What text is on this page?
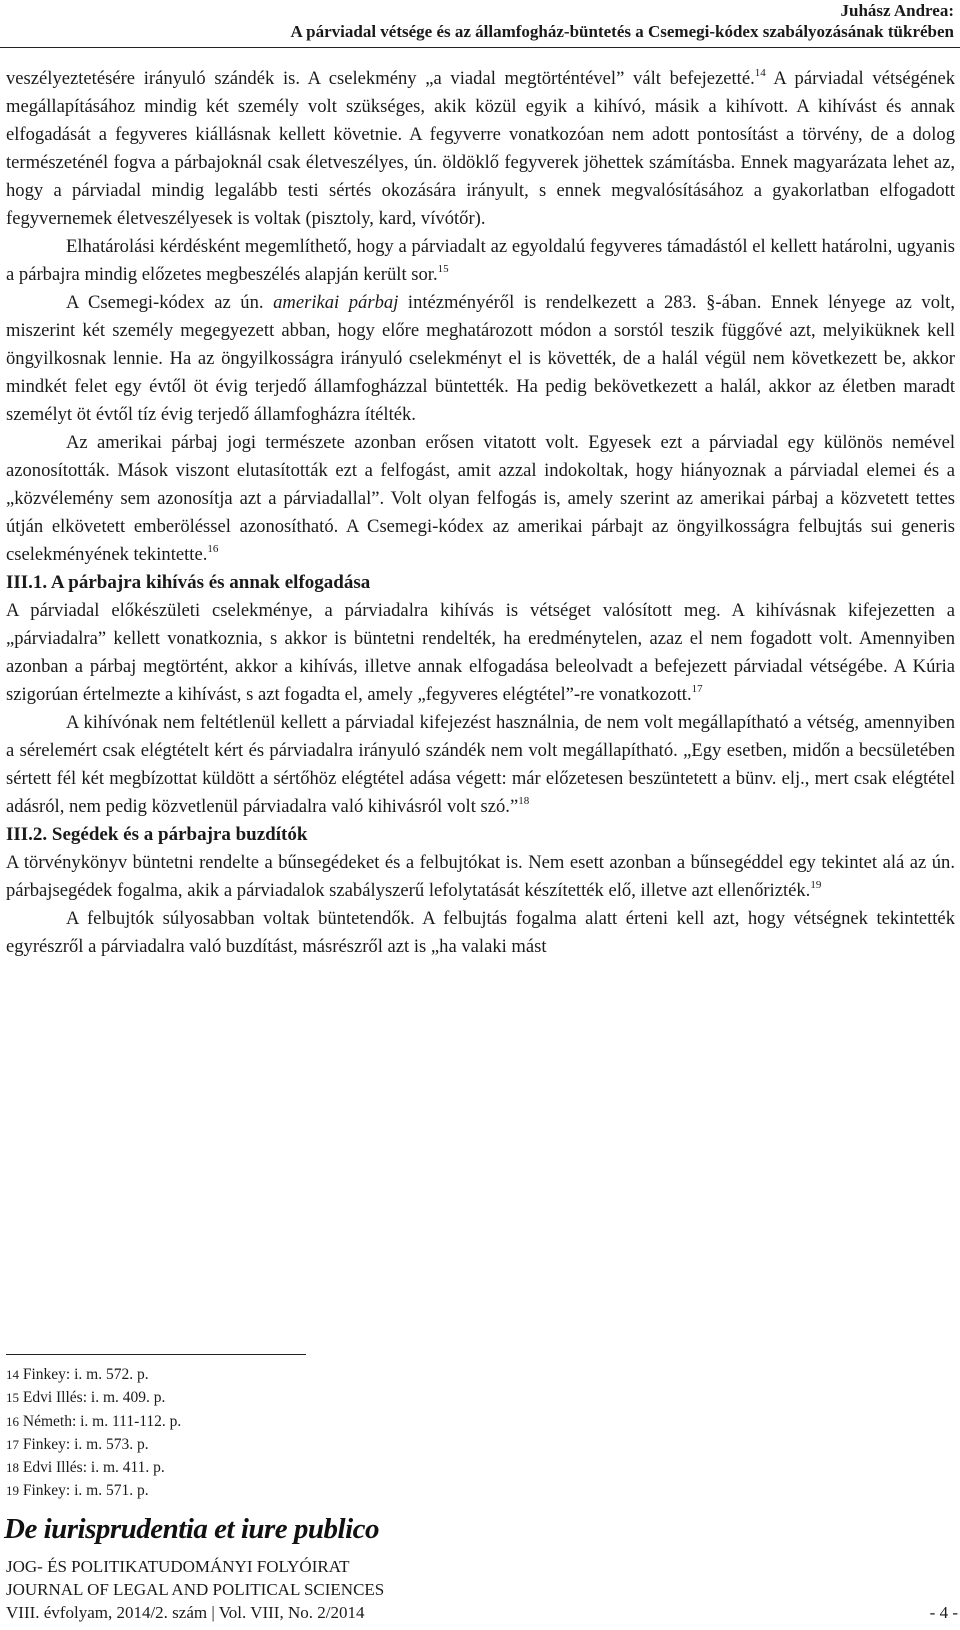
Juhász Andrea:
A párviadal vétsége és az államfogház-büntetés a Csemegi-kódex szabályozásának tükrében

veszélyeztetésére irányuló szándék is. A cselekmény „a viadal megtörténtével” vált befejezetté.$^{14}$ A párviadal vétségének megállapításához mindig két személy volt szükséges, akik közül egyik a kihívó, másik a kihívott. A kihívást és annak elfogadását a fegyveres kiállásnak kellett követnie. A fegyverre vonatkozóan nem adott pontosítást a törvény, de a dolog természeténél fogva a párbajoknál csak életveszélyes, ún. öldöklő fegyverek jöhettek számításba. Ennek magyarázata lehet az, hogy a párviadal mindig legalább testi sértés okozására irányult, s ennek megvalósításához a gyakorlatban elfogadott fegyvernemek életveszélyesek is voltak (pisztoly, kard, vívótőr).

Elhatárolási kérdésként megemlíthető, hogy a párviadalt az egyoldalú fegyveres támadástól el kellett határolni, ugyanis a párbajra mindig előzetes megbeszélés alapján került sor.$^{15}$

A Csemegi-kódex az ún. amerikai párbaj intézményéről is rendelkezett a 283. §-ában. Ennek lényege az volt, miszerint két személy megegyezett abban, hogy előre meghatározott módon a sorstól teszik függővé azt, melyiküknek kell öngyilkosnak lennie. Ha az öngyilkosságra irányuló cselekményt el is követték, de a halál végül nem következett be, akkor mindkét felet egy évtől öt évig terjedő államfogházzal büntették. Ha pedig bekövetkezett a halál, akkor az életben maradt személyt öt évtől tíz évig terjedő államfogházra ítélték.

Az amerikai párbaj jogi természete azonban erősen vitatott volt. Egyesek ezt a párviadal egy különös nemével azonosították. Mások viszont elutasították ezt a felfogást, amit azzal indokoltak, hogy hiányoznak a párviadal elemei és a „közvélemény sem azonosítja azt a párviadallal”. Volt olyan felfogás is, amely szerint az amerikai párbaj a közvetett tettes útján elkövetett emberöléssel azonosítható. A Csemegi-kódex az amerikai párbajt az öngyilkosságra felbujtás sui generis cselekményének tekintette.$^{16}$

III.1. A párbajra kihívás és annak elfogadása

A párviadal előkészületi cselekménye, a párviadalra kihívás is vétséget valósított meg. A kihívásnak kifejezetten a „párviadalra” kellett vonatkoznia, s akkor is büntetni rendelték, ha eredménytelen, azaz el nem fogadott volt. Amennyiben azonban a párbaj megtörtént, akkor a kihívás, illetve annak elfogadása beleolvadt a befejezett párviadal vétségébe. A Kúria szigorúan értelmezte a kihívást, s azt fogadta el, amely „fegyveres elégtétel”-re vonatkozott.$^{17}$

A kihívónak nem feltétlenül kellett a párviadal kifejezést használnia, de nem volt megállapítható a vétség, amennyiben a sérelemért csak elégtételt kért és párviadalra irányuló szándék nem volt megállapítható. „Egy esetben, midőn a becsületében sértett fél két megbízottat küldött a sértőhöz elégtétel adása végett: már előzetesen beszüntetett a bünv. elj., mert csak elégtétel adásról, nem pedig közvetlenül párviadalra való kihivásról volt szó.”$^{18}$

III.2. Segédek és a párbajra buzdítók

A törvénykönyv büntetni rendelte a bűnsegédeket és a felbujtókat is. Nem esett azonban a bűnsegéddel egy tekintet alá az ún. párbajsegédek fogalma, akik a párviadalok szabályszerű lefolytatását készítették elő, illetve azt ellenőrizték.$^{19}$

A felbujtók súlyosabban voltak büntetendők. A felbujtás fogalma alatt érteni kell azt, hogy vétségnek tekintették egyrészről a párviadalra való buzdítást, másrészről azt is „ha valaki mást

14 Finkey: i. m. 572. p.
15 Edvi Illés: i. m. 409. p.
16 Németh: i. m. 111-112. p.
17 Finkey: i. m. 573. p.
18 Edvi Illés: i. m. 411. p.
19 Finkey: i. m. 571. p.
De iurisprudentia et iure publico
JOG- ÉS POLITIKATUDOMÁNYI FOLYÓIRAT
JOURNAL OF LEGAL AND POLITICAL SCIENCES
VIII. évfolyam, 2014/2. szám | Vol. VIII, No. 2/2014	- 4 -
